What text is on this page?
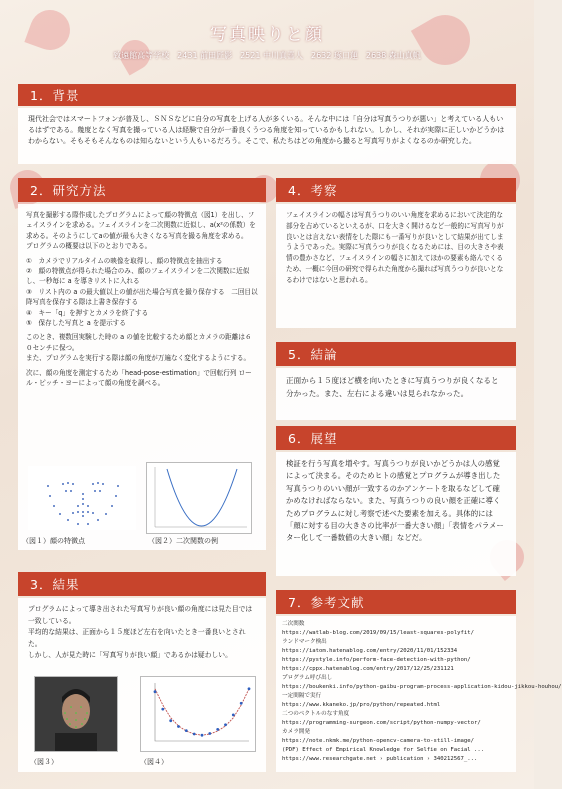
写真映りと顔
致遠館高等学校　2431 前田匠影　2521 中川真喜人　2632 琢口蓮　2638 森山真帆
1．背景

現代社会ではスマートフォンが普及し、ＳＮＳなどに自分の写真を上げる人が多くいる。そんな中には「自分は写真うつりが悪い」と考えている人もいるはずである。幾度となく写真を撮っている人は経験で自分が一番良くうつる角度を知っているかもしれない。しかし、それが実際に正しいかどうかはわからない。そもそもそんなものは知らないという人もいるだろう。そこで、私たちはどの角度から撮ると写真写りがよくなるのか研究した。

2．研究方法

写真を撮影する際作成したプログラムによって顔の特徴点（図1）を出し、フェイスラインを求める。フェイスラインを二次関数に近似し、a(x²の係数）を求める。そのようにしてaの値が最も大きくなる写真を撮る角度を求める。

プログラムの概要は以下のとおりである。

①　カメラでリアルタイムの映像を取得し、顔の特徴点を抽出する

②　顔の特徴点が得られた場合のみ、顔のフェイスラインを二次関数に近似し、一秒毎に a を導きリストに入れる

③　リスト内の a の最大値以上の値が出た場合写真を撮り保存する　二回目以降写真を保存する際は上書き保存する

④　キー「q」を押すとカメラを終了する

⑤　保存した写真と a を提示する

このとき、複数回実験した時の a の値を比較するため顔とカメラの距離は６０センチに保つ。

また、プログラムを実行する際は顔の角度が万遍なく変化するようにする。

次に、顔の角度を測定するため「head-pose-estimation」で回転行列 ロール・ピッチ・ヨーによって顔の角度を調べる。

（図１）顔の特徴点	（図２）二次関数の例
3．結果

プログラムによって導き出された写真写りが良い顔の角度には見た目では一致している。

平均的な結果は、正面から１５度ほど左右を向いたとき一番良いとされた。

しかし、人が見た時に「写真写りが良い顔」であるかは疑わしい。

（図３）	（図４）
4．考察

フェイスラインの幅さは写真うつりのいい角度を求めるにおいて決定的な部分を占めているといえるが、口を大きく開けるなど一般的に写真写りが良いとは言えない表情をした際にも一番写りが良いとして結果が出てしまうようであった。実際に写真うつりが良くなるためには、目の大きさや表情の豊かさなど、フェイスラインの幅さに加えてほかの要素も絡んでくるため、一概に今回の研究で得られた角度から撮れば写真うつりが良いとなるわけではないと思われる。

5．結論

正面から１５度ほど横を向いたときに写真うつりが良くなると分かった。また、左右による違いは見られなかった。

6．展望

検証を行う写真を増やす。写真うつりが良いかどうかは人の感覚によって決まる。そのためヒトの感覚とプログラムが導き出した写真うつりのいい顔が一致するのかアンケートを取るなどして確かめなければならない。また、写真うつりの良い顔を正確に導くためプログラムに対し考察で述べた要素を加える。具体的には「顔に対する目の大きさの比率が一番大きい顔」「表情をパラメーター化して一番数値の大きい顔」などだ。

7．参考文献
二次関数
https://watlab-blog.com/2019/09/15/least-squares-polyfit/
ランドマーク検出
https://iatom.hatenablog.com/entry/2020/11/01/152334
https://pystyle.info/perform-face-detection-with-python/
https://cppx.hatenablog.com/entry/2017/12/25/231121
プログラム呼び出し
https://boukenki.info/python-gaibu-program-process-application-kidou-jikkou-houhou/
一定間隔で実行
https://www.kkaneko.jp/pro/python/repeated.html
二つのベクトルのなす角度
https://programming-surgeon.com/script/python-numpy-vector/
カメラ開発
https://note.nkmk.me/python-opencv-camera-to-still-image/
(PDF) Effect of Empirical Knowledge for Selfie on Facial ...
https://www.researchgate.net › publication › 340212567_...
